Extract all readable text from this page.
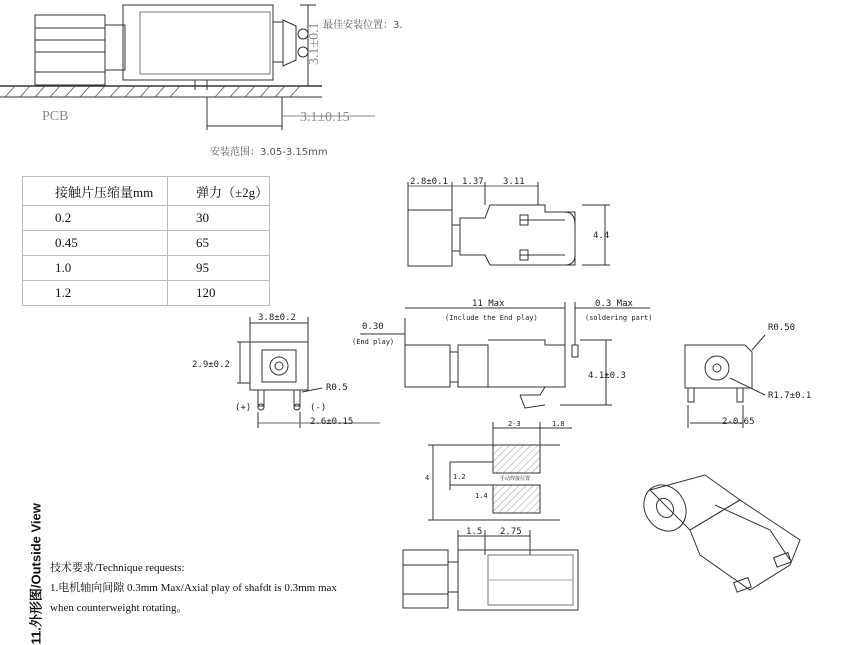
最佳安装位置：3.
3.1±0.1
PCB	3.1±0.15
安装范围：3.05-3.15mm
2.8±0.1 1.37 3.11
4.4
3.8±0.2
2.9±0.2
R0.5
(+)	(-)
2.6±0.15
0.30
(End play)
11 Max
(Include the End play)
0.3 Max
(soldering part)
4.1±0.3
R0.50
R1.7±0.1
2-0.65
2-3	1.8
4	1.2
1.4
手动焊接位置
1.5 2.75
接触片压缩量mm	弹力（±2g）
0.2	30
0.45	65
1.0	95
1.2	120
11.外形图/Outside View 技术要求/Technique requests:
1.电机轴向间隙 0.3mm Max/Axial play of shafdt is 0.3mm max
when counterweight rotating。
